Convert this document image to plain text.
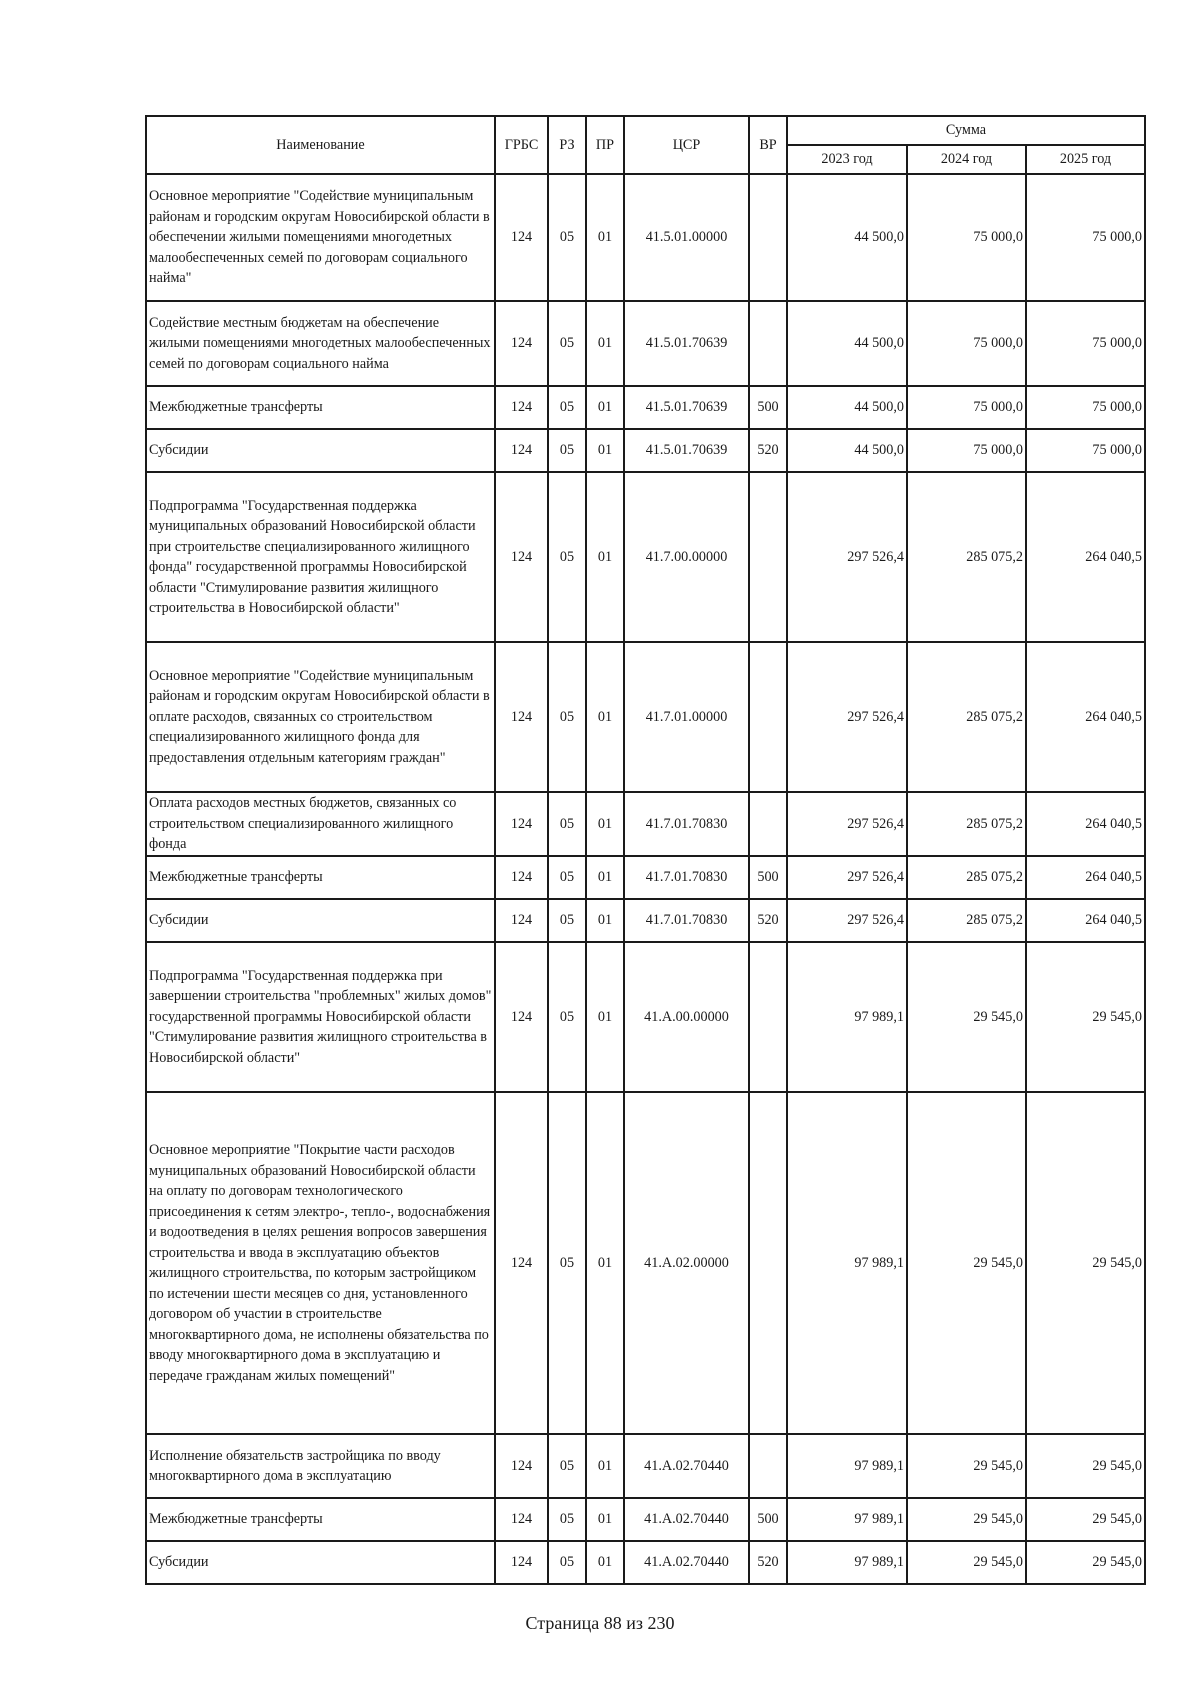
Наименование	ГРБС	РЗ	ПР	ЦСР	ВР	Сумма		
						2023 год	2024 год	2025 год
Основное мероприятие "Содействие муниципальным районам и городским округам Новосибирской области в обеспечении жилыми помещениями многодетных малообеспеченных семей по договорам социального найма"	124	05	01	41.5.01.00000		44 500,0	75 000,0	75 000,0
Содействие местным бюджетам на обеспечение жилыми помещениями многодетных малообеспеченных семей по договорам социального найма	124	05	01	41.5.01.70639		44 500,0	75 000,0	75 000,0
Межбюджетные трансферты	124	05	01	41.5.01.70639	500	44 500,0	75 000,0	75 000,0
Субсидии	124	05	01	41.5.01.70639	520	44 500,0	75 000,0	75 000,0
Подпрограмма "Государственная поддержка муниципальных образований Новосибирской области при строительстве специализированного жилищного фонда" государственной программы Новосибирской области "Стимулирование развития жилищного строительства в Новосибирской области"	124	05	01	41.7.00.00000		297 526,4	285 075,2	264 040,5
Основное мероприятие "Содействие муниципальным районам и городским округам Новосибирской области в оплате расходов, связанных со строительством специализированного жилищного фонда для предоставления отдельным категориям граждан"	124	05	01	41.7.01.00000		297 526,4	285 075,2	264 040,5
Оплата расходов местных бюджетов, связанных со строительством специализированного жилищного фонда	124	05	01	41.7.01.70830		297 526,4	285 075,2	264 040,5
Межбюджетные трансферты	124	05	01	41.7.01.70830	500	297 526,4	285 075,2	264 040,5
Субсидии	124	05	01	41.7.01.70830	520	297 526,4	285 075,2	264 040,5
Подпрограмма "Государственная поддержка при завершении строительства "проблемных" жилых домов" государственной программы Новосибирской области "Стимулирование развития жилищного строительства в Новосибирской области"	124	05	01	41.А.00.00000		97 989,1	29 545,0	29 545,0
Основное мероприятие "Покрытие части расходов муниципальных образований Новосибирской области на оплату по договорам технологического присоединения к сетям электро-, тепло-, водоснабжения и водоотведения в целях решения вопросов завершения строительства и ввода в эксплуатацию объектов жилищного строительства, по которым застройщиком по истечении шести месяцев со дня, установленного договором об участии в строительстве многоквартирного дома, не исполнены обязательства по вводу многоквартирного дома в эксплуатацию и передаче гражданам жилых помещений"	124	05	01	41.А.02.00000		97 989,1	29 545,0	29 545,0
Исполнение обязательств застройщика по вводу многоквартирного дома в эксплуатацию	124	05	01	41.А.02.70440		97 989,1	29 545,0	29 545,0
Межбюджетные трансферты	124	05	01	41.А.02.70440	500	97 989,1	29 545,0	29 545,0
Субсидии	124	05	01	41.А.02.70440	520	97 989,1	29 545,0	29 545,0
Страница 88 из 230
